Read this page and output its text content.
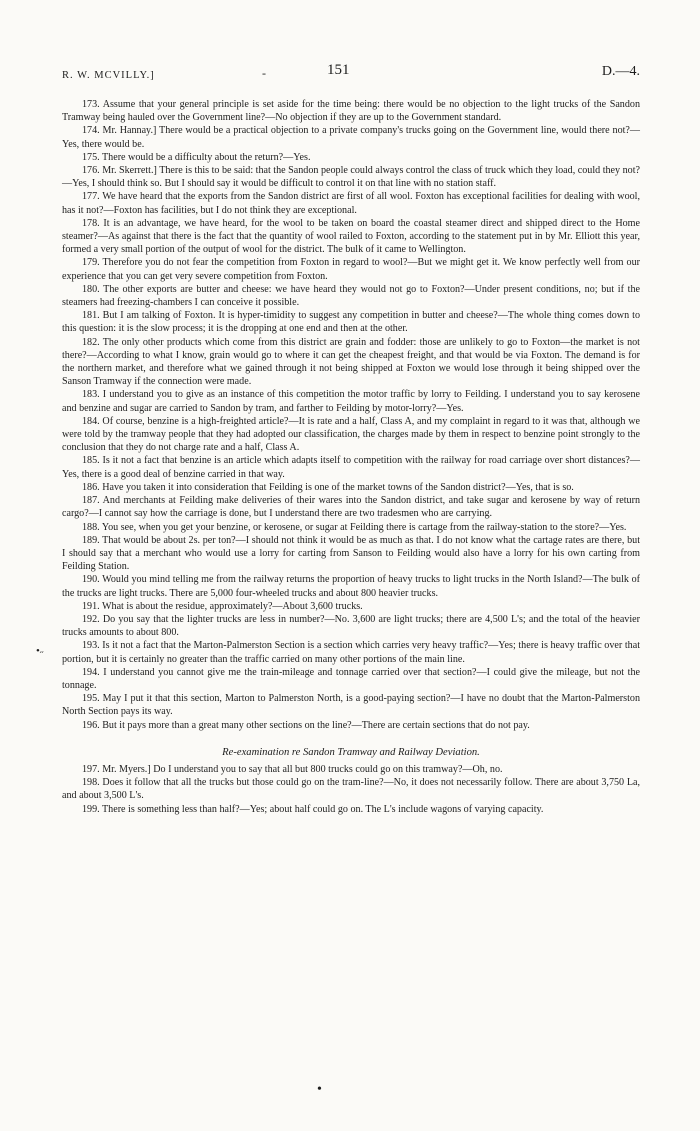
R. W. MCVILLY.]	-	151	D.—4.

173. Assume that your general principle is set aside for the time being: there would be no objection to the light trucks of the Sandon Tramway being hauled over the Government line?—No objection if they are up to the Government standard.

174. Mr. Hannay.] There would be a practical objection to a private company's trucks going on the Government line, would there not?—Yes, there would be.

175. There would be a difficulty about the return?—Yes.

176. Mr. Skerrett.] There is this to be said: that the Sandon people could always control the class of truck which they load, could they not?—Yes, I should think so. But I should say it would be difficult to control it on that line with no station staff.

177. We have heard that the exports from the Sandon district are first of all wool. Foxton has exceptional facilities for dealing with wool, has it not?—Foxton has facilities, but I do not think they are exceptional.

178. It is an advantage, we have heard, for the wool to be taken on board the coastal steamer direct and shipped direct to the Home steamer?—As against that there is the fact that the quantity of wool railed to Foxton, according to the statement put in by Mr. Elliott this year, formed a very small portion of the output of wool for the district. The bulk of it came to Wellington.

179. Therefore you do not fear the competition from Foxton in regard to wool?—But we might get it. We know perfectly well from our experience that you can get very severe competition from Foxton.

180. The other exports are butter and cheese: we have heard they would not go to Foxton?—Under present conditions, no; but if the steamers had freezing-chambers I can conceive it possible.

181. But I am talking of Foxton. It is hyper-timidity to suggest any competition in butter and cheese?—The whole thing comes down to this question: it is the slow process; it is the dropping at one end and then at the other.

182. The only other products which come from this district are grain and fodder: those are unlikely to go to Foxton—the market is not there?—According to what I know, grain would go to where it can get the cheapest freight, and that would be via Foxton. The demand is for the northern market, and therefore what we gained through it not being shipped at Foxton we would lose through it being shipped over the Sanson Tramway if the connection were made.

183. I understand you to give as an instance of this competition the motor traffic by lorry to Feilding. I understand you to say kerosene and benzine and sugar are carried to Sandon by tram, and farther to Feilding by motor-lorry?—Yes.

184. Of course, benzine is a high-freighted article?—It is rate and a half, Class A, and my complaint in regard to it was that, although we were told by the tramway people that they had adopted our classification, the charges made by them in respect to benzine point strongly to the conclusion that they do not charge rate and a half, Class A.

185. Is it not a fact that benzine is an article which adapts itself to competition with the railway for road carriage over short distances?—Yes, there is a good deal of benzine carried in that way.

186. Have you taken it into consideration that Feilding is one of the market towns of the Sandon district?—Yes, that is so.

187. And merchants at Feilding make deliveries of their wares into the Sandon district, and take sugar and kerosene by way of return cargo?—I cannot say how the carriage is done, but I understand there are two tradesmen who are carrying.

188. You see, when you get your benzine, or kerosene, or sugar at Feilding there is cartage from the railway-station to the store?—Yes.

189. That would be about 2s. per ton?—I should not think it would be as much as that. I do not know what the cartage rates are there, but I should say that a merchant who would use a lorry for carting from Sanson to Feilding would also have a lorry for his own carting from Feilding Station.

190. Would you mind telling me from the railway returns the proportion of heavy trucks to light trucks in the North Island?—The bulk of the trucks are light trucks. There are 5,000 four-wheeled trucks and about 800 heavier trucks.

191. What is about the residue, approximately?—About 3,600 trucks.

192. Do you say that the lighter trucks are less in number?—No. 3,600 are light trucks; there are 4,500 L's; and the total of the heavier trucks amounts to about 800.

193. Is it not a fact that the Marton-Palmerston Section is a section which carries very heavy traffic?—Yes; there is heavy traffic over that portion, but it is certainly no greater than the traffic carried on many other portions of the main line.

194. I understand you cannot give me the train-mileage and tonnage carried over that section?—I could give the mileage, but not the tonnage.

195. May I put it that this section, Marton to Palmerston North, is a good-paying section?—I have no doubt that the Marton-Palmerston North Section pays its way.

196. But it pays more than a great many other sections on the line?—There are certain sections that do not pay.

Re-examination re Sandon Tramway and Railway Deviation.

197. Mr. Myers.] Do I understand you to say that all but 800 trucks could go on this tramway?—Oh, no.

198. Does it follow that all the trucks but those could go on the tram-line?—No, it does not necessarily follow. There are about 3,750 La, and about 3,500 L's.

199. There is something less than half?—Yes; about half could go on. The L's include wagons of varying capacity.

•˶
•
